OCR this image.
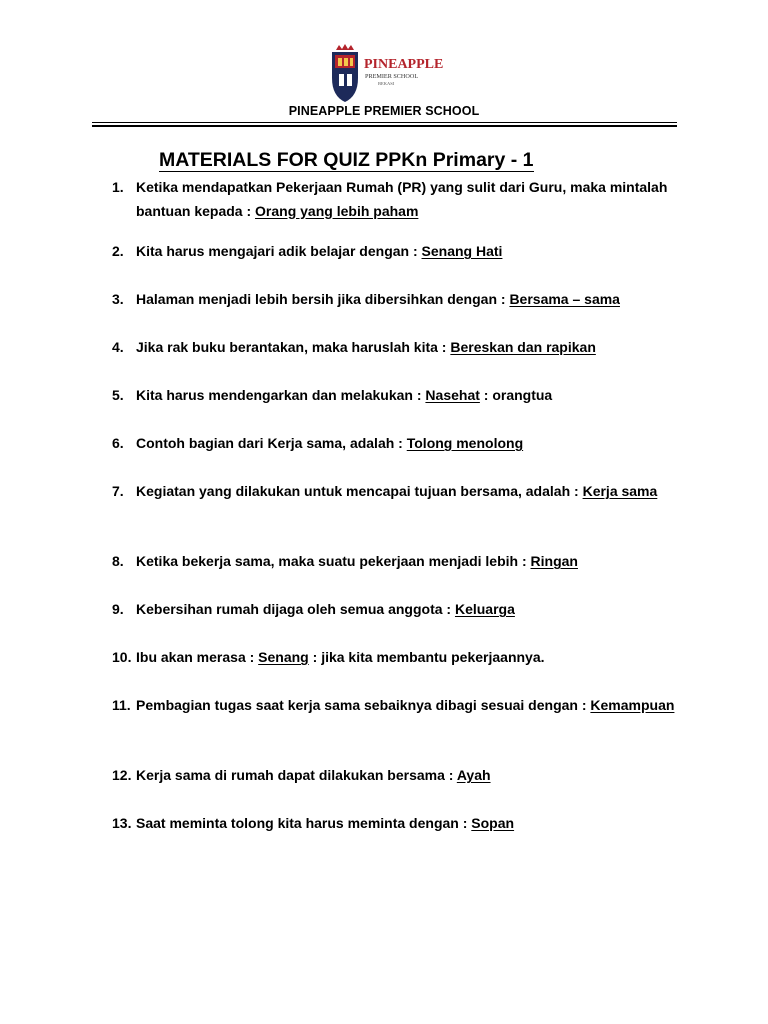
PINEAPPLE
PREMIER SCHOOL
BEKASI
PINEAPPLE PREMIER SCHOOL
MATERIALS FOR QUIZ PPKn Primary - 1
1. Ketika mendapatkan Pekerjaan Rumah (PR) yang sulit dari Guru, maka mintalah bantuan kepada : Orang yang lebih paham
2. Kita harus mengajari adik belajar dengan : Senang Hati
3. Halaman menjadi lebih bersih jika dibersihkan dengan : Bersama – sama
4. Jika rak buku berantakan, maka haruslah kita : Bereskan dan rapikan
5. Kita harus mendengarkan dan melakukan : Nasehat : orangtua
6. Contoh bagian dari Kerja sama, adalah : Tolong menolong
7. Kegiatan yang dilakukan untuk mencapai tujuan bersama, adalah : Kerja sama
8. Ketika bekerja sama, maka suatu pekerjaan menjadi lebih : Ringan
9. Kebersihan rumah dijaga oleh semua anggota : Keluarga
10. Ibu akan merasa : Senang : jika kita membantu pekerjaannya.
11. Pembagian tugas saat kerja sama sebaiknya dibagi sesuai dengan : Kemampuan
12. Kerja sama di rumah dapat dilakukan bersama : Ayah
13. Saat meminta tolong kita harus meminta dengan : Sopan
